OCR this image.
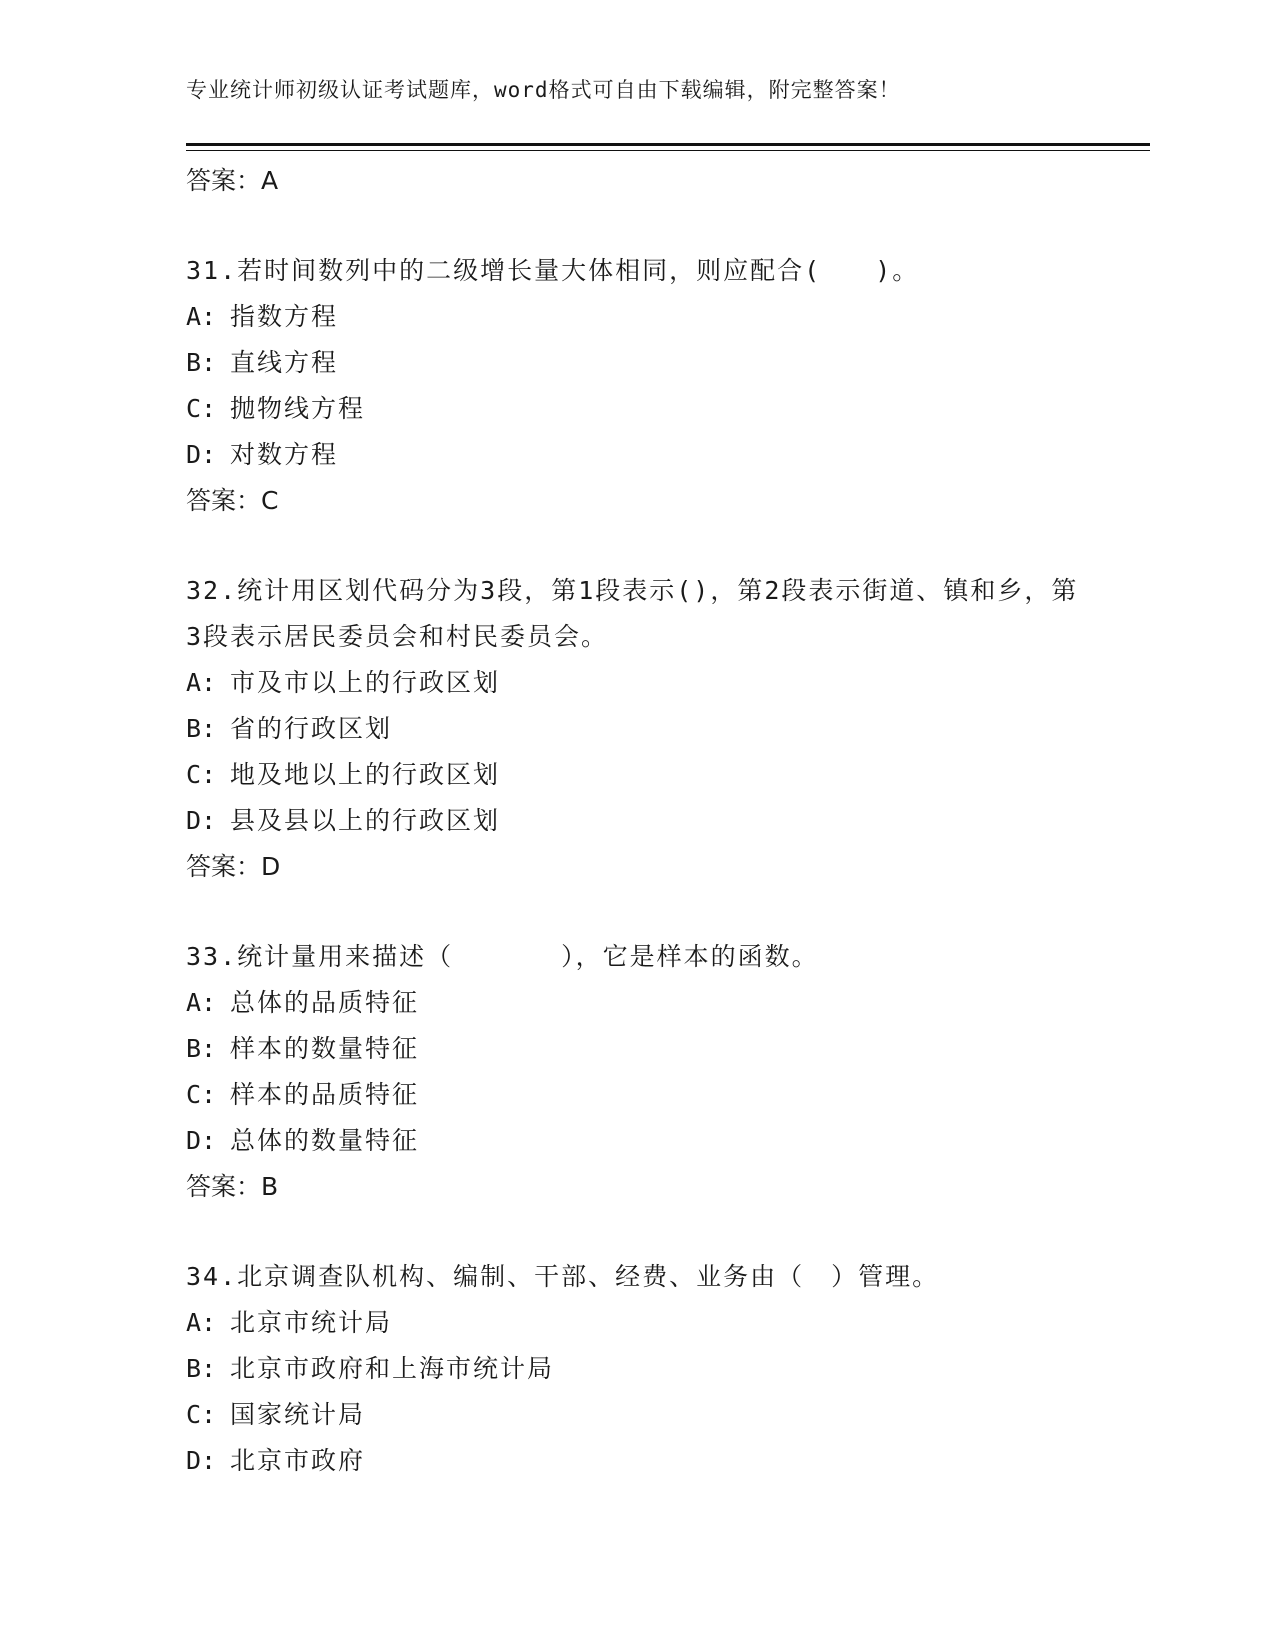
专业统计师初级认证考试题库，word格式可自由下载编辑，附完整答案！
答案：A
31.若时间数列中的二级增长量大体相同，则应配合(　　)。
A: 指数方程
B: 直线方程
C: 抛物线方程
D: 对数方程
答案：C
32.统计用区划代码分为3段，第1段表示()，第2段表示街道、镇和乡，第3段表示居民委员会和村民委员会。
A: 市及市以上的行政区划
B: 省的行政区划
C: 地及地以上的行政区划
D: 县及县以上的行政区划
答案：D
33.统计量用来描述（　　　　），它是样本的函数。
A: 总体的品质特征
B: 样本的数量特征
C: 样本的品质特征
D: 总体的数量特征
答案：B
34.北京调查队机构、编制、干部、经费、业务由（　）管理。
A: 北京市统计局
B: 北京市政府和上海市统计局
C: 国家统计局
D: 北京市政府
